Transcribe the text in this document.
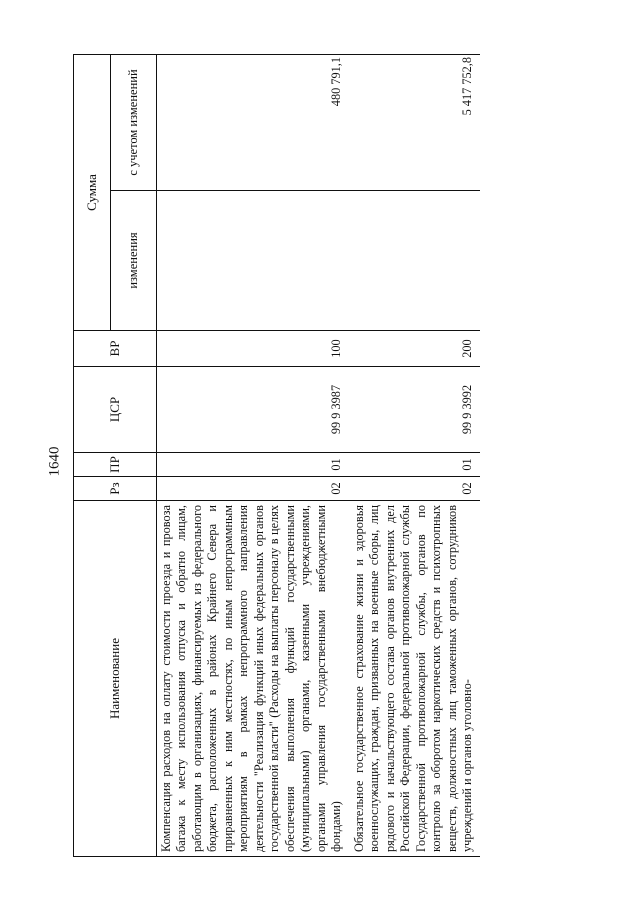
1640
Наименование	Рз	ПР	ЦСР	ВР	Сумма	
					изменения	с учетом изменений
Компенсация расходов на оплату стоимости проезда и провоза багажа к месту использования отпуска и обратно лицам, работающим в организациях, финансируемых из федерального бюджета, расположенных в районах Крайнего Севера и приравненных к ним местностях, по иным непрограммным мероприятиям в рамках непрограммного направления деятельности "Реализация функций иных федеральных органов государственной власти" (Расходы на выплаты персоналу в целях обеспечения выполнения функций государственными (муниципальными) органами, казенными учреждениями, органами управления государственными внебюджетными фондами)	02	01	99 9 3987	100		480 791,1
Обязательное государственное страхование жизни и здоровья военнослужащих, граждан, призванных на военные сборы, лиц рядового и начальствующего состава органов внутренних дел Российской Федерации, федеральной противопожарной службы Государственной противопожарной службы, органов по контролю за оборотом наркотических средств и психотропных веществ, должностных лиц таможенных органов, сотрудников учреждений и органов уголовно-	02	01	99 9 3992	200		5 417 752,8
